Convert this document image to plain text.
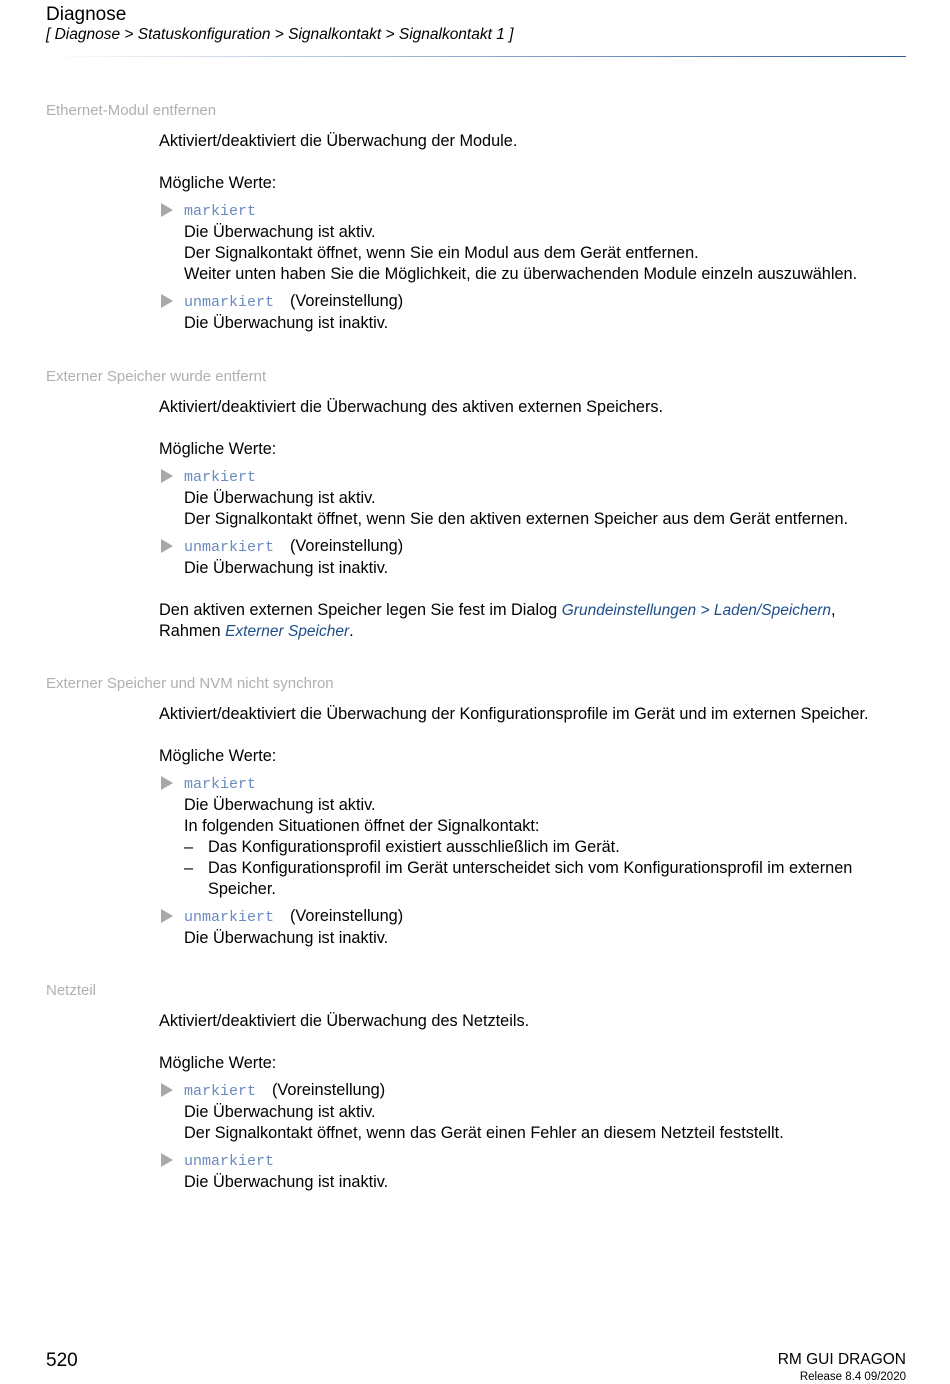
Diagnose
[ Diagnose > Statuskonfiguration > Signalkontakt > Signalkontakt 1 ]
Ethernet-Modul entfernen

Aktiviert/deaktiviert die Überwachung der Module.

Mögliche Werte:

markiert
Die Überwachung ist aktiv.
Der Signalkontakt öffnet, wenn Sie ein Modul aus dem Gerät entfernen.
Weiter unten haben Sie die Möglichkeit, die zu überwachenden Module einzeln auszuwählen.
unmarkiert (Voreinstellung)
Die Überwachung ist inaktiv.
Externer Speicher wurde entfernt

Aktiviert/deaktiviert die Überwachung des aktiven externen Speichers.

Mögliche Werte:

markiert
Die Überwachung ist aktiv.
Der Signalkontakt öffnet, wenn Sie den aktiven externen Speicher aus dem Gerät entfernen.
unmarkiert (Voreinstellung)
Die Überwachung ist inaktiv.

Den aktiven externen Speicher legen Sie fest im Dialog Grundeinstellungen > Laden/Speichern,
Rahmen Externer Speicher.

Externer Speicher und NVM nicht synchron

Aktiviert/deaktiviert die Überwachung der Konfigurationsprofile im Gerät und im externen Speicher.

Mögliche Werte:

markiert
Die Überwachung ist aktiv.
In folgenden Situationen öffnet der Signalkontakt:
– Das Konfigurationsprofil existiert ausschließlich im Gerät.
– Das Konfigurationsprofil im Gerät unterscheidet sich vom Konfigurationsprofil im externen Speicher.
unmarkiert (Voreinstellung)
Die Überwachung ist inaktiv.
Netzteil

Aktiviert/deaktiviert die Überwachung des Netzteils.

Mögliche Werte:

markiert (Voreinstellung)
Die Überwachung ist aktiv.
Der Signalkontakt öffnet, wenn das Gerät einen Fehler an diesem Netzteil feststellt.
unmarkiert
Die Überwachung ist inaktiv.
520	RM GUI DRAGON
Release 8.4 09/2020
